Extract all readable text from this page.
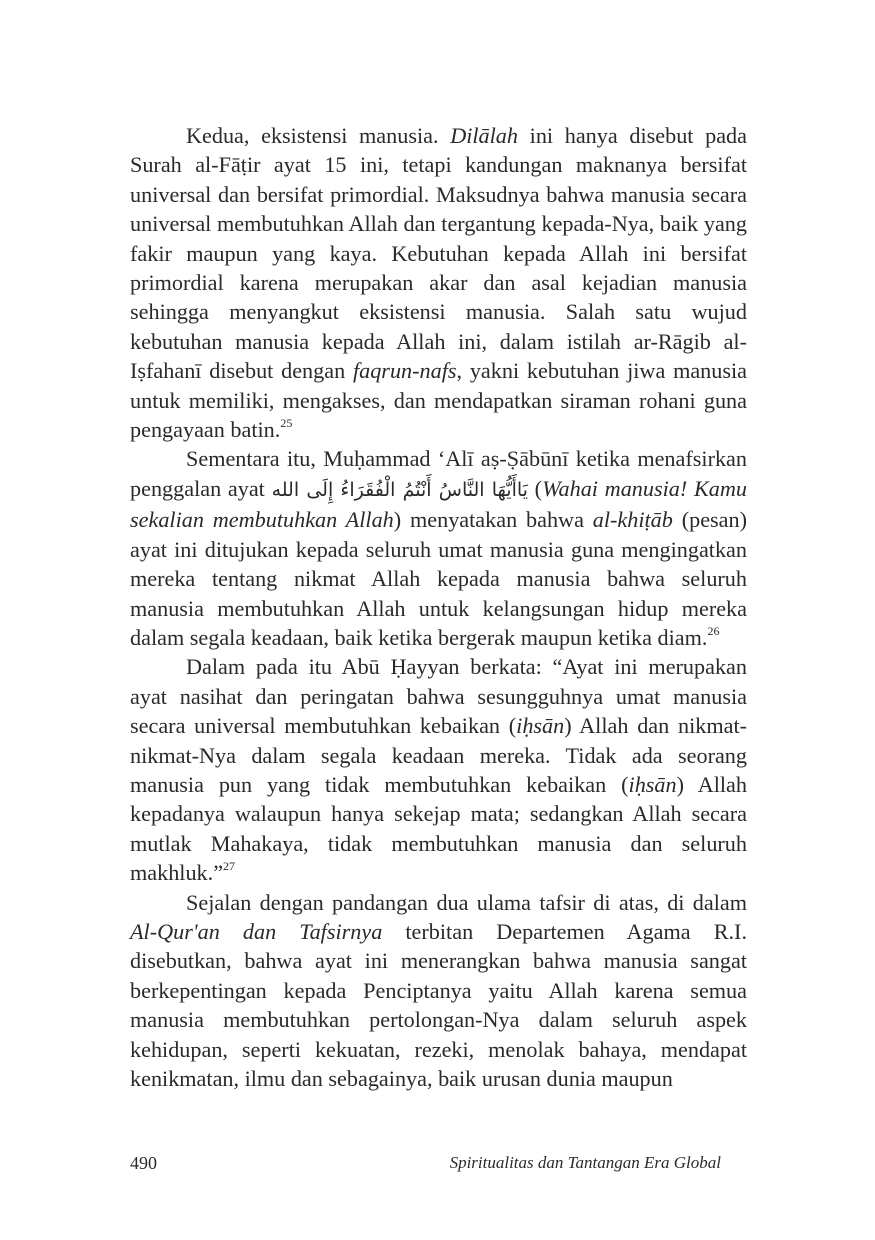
Kedua, eksistensi manusia. Dilālah ini hanya disebut pada Surah al-Fāṭir ayat 15 ini, tetapi kandungan maknanya bersifat universal dan bersifat primordial. Maksudnya bahwa manusia secara universal membutuhkan Allah dan tergantung kepada-Nya, baik yang fakir maupun yang kaya. Kebutuhan kepada Allah ini bersifat primordial karena merupakan akar dan asal kejadian manusia sehingga menyangkut eksistensi manusia. Salah satu wujud kebutuhan manusia kepada Allah ini, dalam istilah ar-Rāgib al-Iṣfahanī disebut dengan faqrun-nafs, yakni kebutuhan jiwa manusia untuk memiliki, mengakses, dan mendapatkan siraman rohani guna pengayaan batin.$^{25}$

Sementara itu, Muḥammad ‘Alī aṣ-Ṣābūnī ketika menafsirkan penggalan ayat يَاأَيُّهَا النَّاسُ أَنْتُمُ الْفُقَرَاءُ إِلَى الله (Wahai manusia! Kamu sekalian membutuhkan Allah) menyatakan bahwa al-khiṭāb (pesan) ayat ini ditujukan kepada seluruh umat manusia guna mengingatkan mereka tentang nikmat Allah kepada manusia bahwa seluruh manusia membutuhkan Allah untuk kelangsungan hidup mereka dalam segala keadaan, baik ketika bergerak maupun ketika diam.$^{26}$

Dalam pada itu Abū Ḥayyan berkata: “Ayat ini merupakan ayat nasihat dan peringatan bahwa sesungguhnya umat manusia secara universal membutuhkan kebaikan (iḥsān) Allah dan nikmat-nikmat-Nya dalam segala keadaan mereka. Tidak ada seorang manusia pun yang tidak membutuhkan kebaikan (iḥsān) Allah kepadanya walaupun hanya sekejap mata; sedangkan Allah secara mutlak Mahakaya, tidak membutuhkan manusia dan seluruh makhluk.”$^{27}$

Sejalan dengan pandangan dua ulama tafsir di atas, di dalam Al-Qur'an dan Tafsirnya terbitan Departemen Agama R.I. disebutkan, bahwa ayat ini menerangkan bahwa manusia sangat berkepentingan kepada Penciptanya yaitu Allah karena semua manusia membutuhkan pertolongan-Nya dalam seluruh aspek kehidupan, seperti kekuatan, rezeki, menolak bahaya, mendapat kenikmatan, ilmu dan sebagainya, baik urusan dunia maupun

490	Spiritualitas dan Tantangan Era Global
